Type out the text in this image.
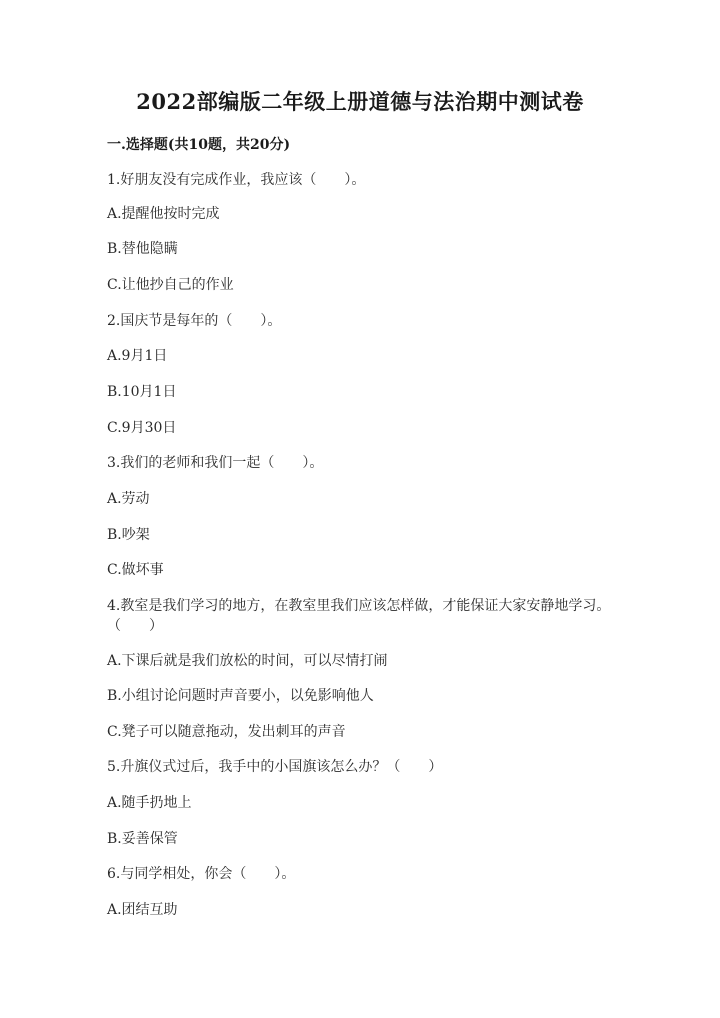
2022部编版二年级上册道德与法治期中测试卷
一.选择题(共10题，共20分)
1.好朋友没有完成作业，我应该（　　）。
A.提醒他按时完成
B.替他隐瞒
C.让他抄自己的作业
2.国庆节是每年的（　　）。
A.9月1日
B.10月1日
C.9月30日
3.我们的老师和我们一起（　　）。
A.劳动
B.吵架
C.做坏事
4.教室是我们学习的地方，在教室里我们应该怎样做，才能保证大家安静地学习。（　　）
A.下课后就是我们放松的时间，可以尽情打闹
B.小组讨论问题时声音要小，以免影响他人
C.凳子可以随意拖动，发出刺耳的声音
5.升旗仪式过后，我手中的小国旗该怎么办？（　　）
A.随手扔地上
B.妥善保管
6.与同学相处，你会（　　）。
A.团结互助
